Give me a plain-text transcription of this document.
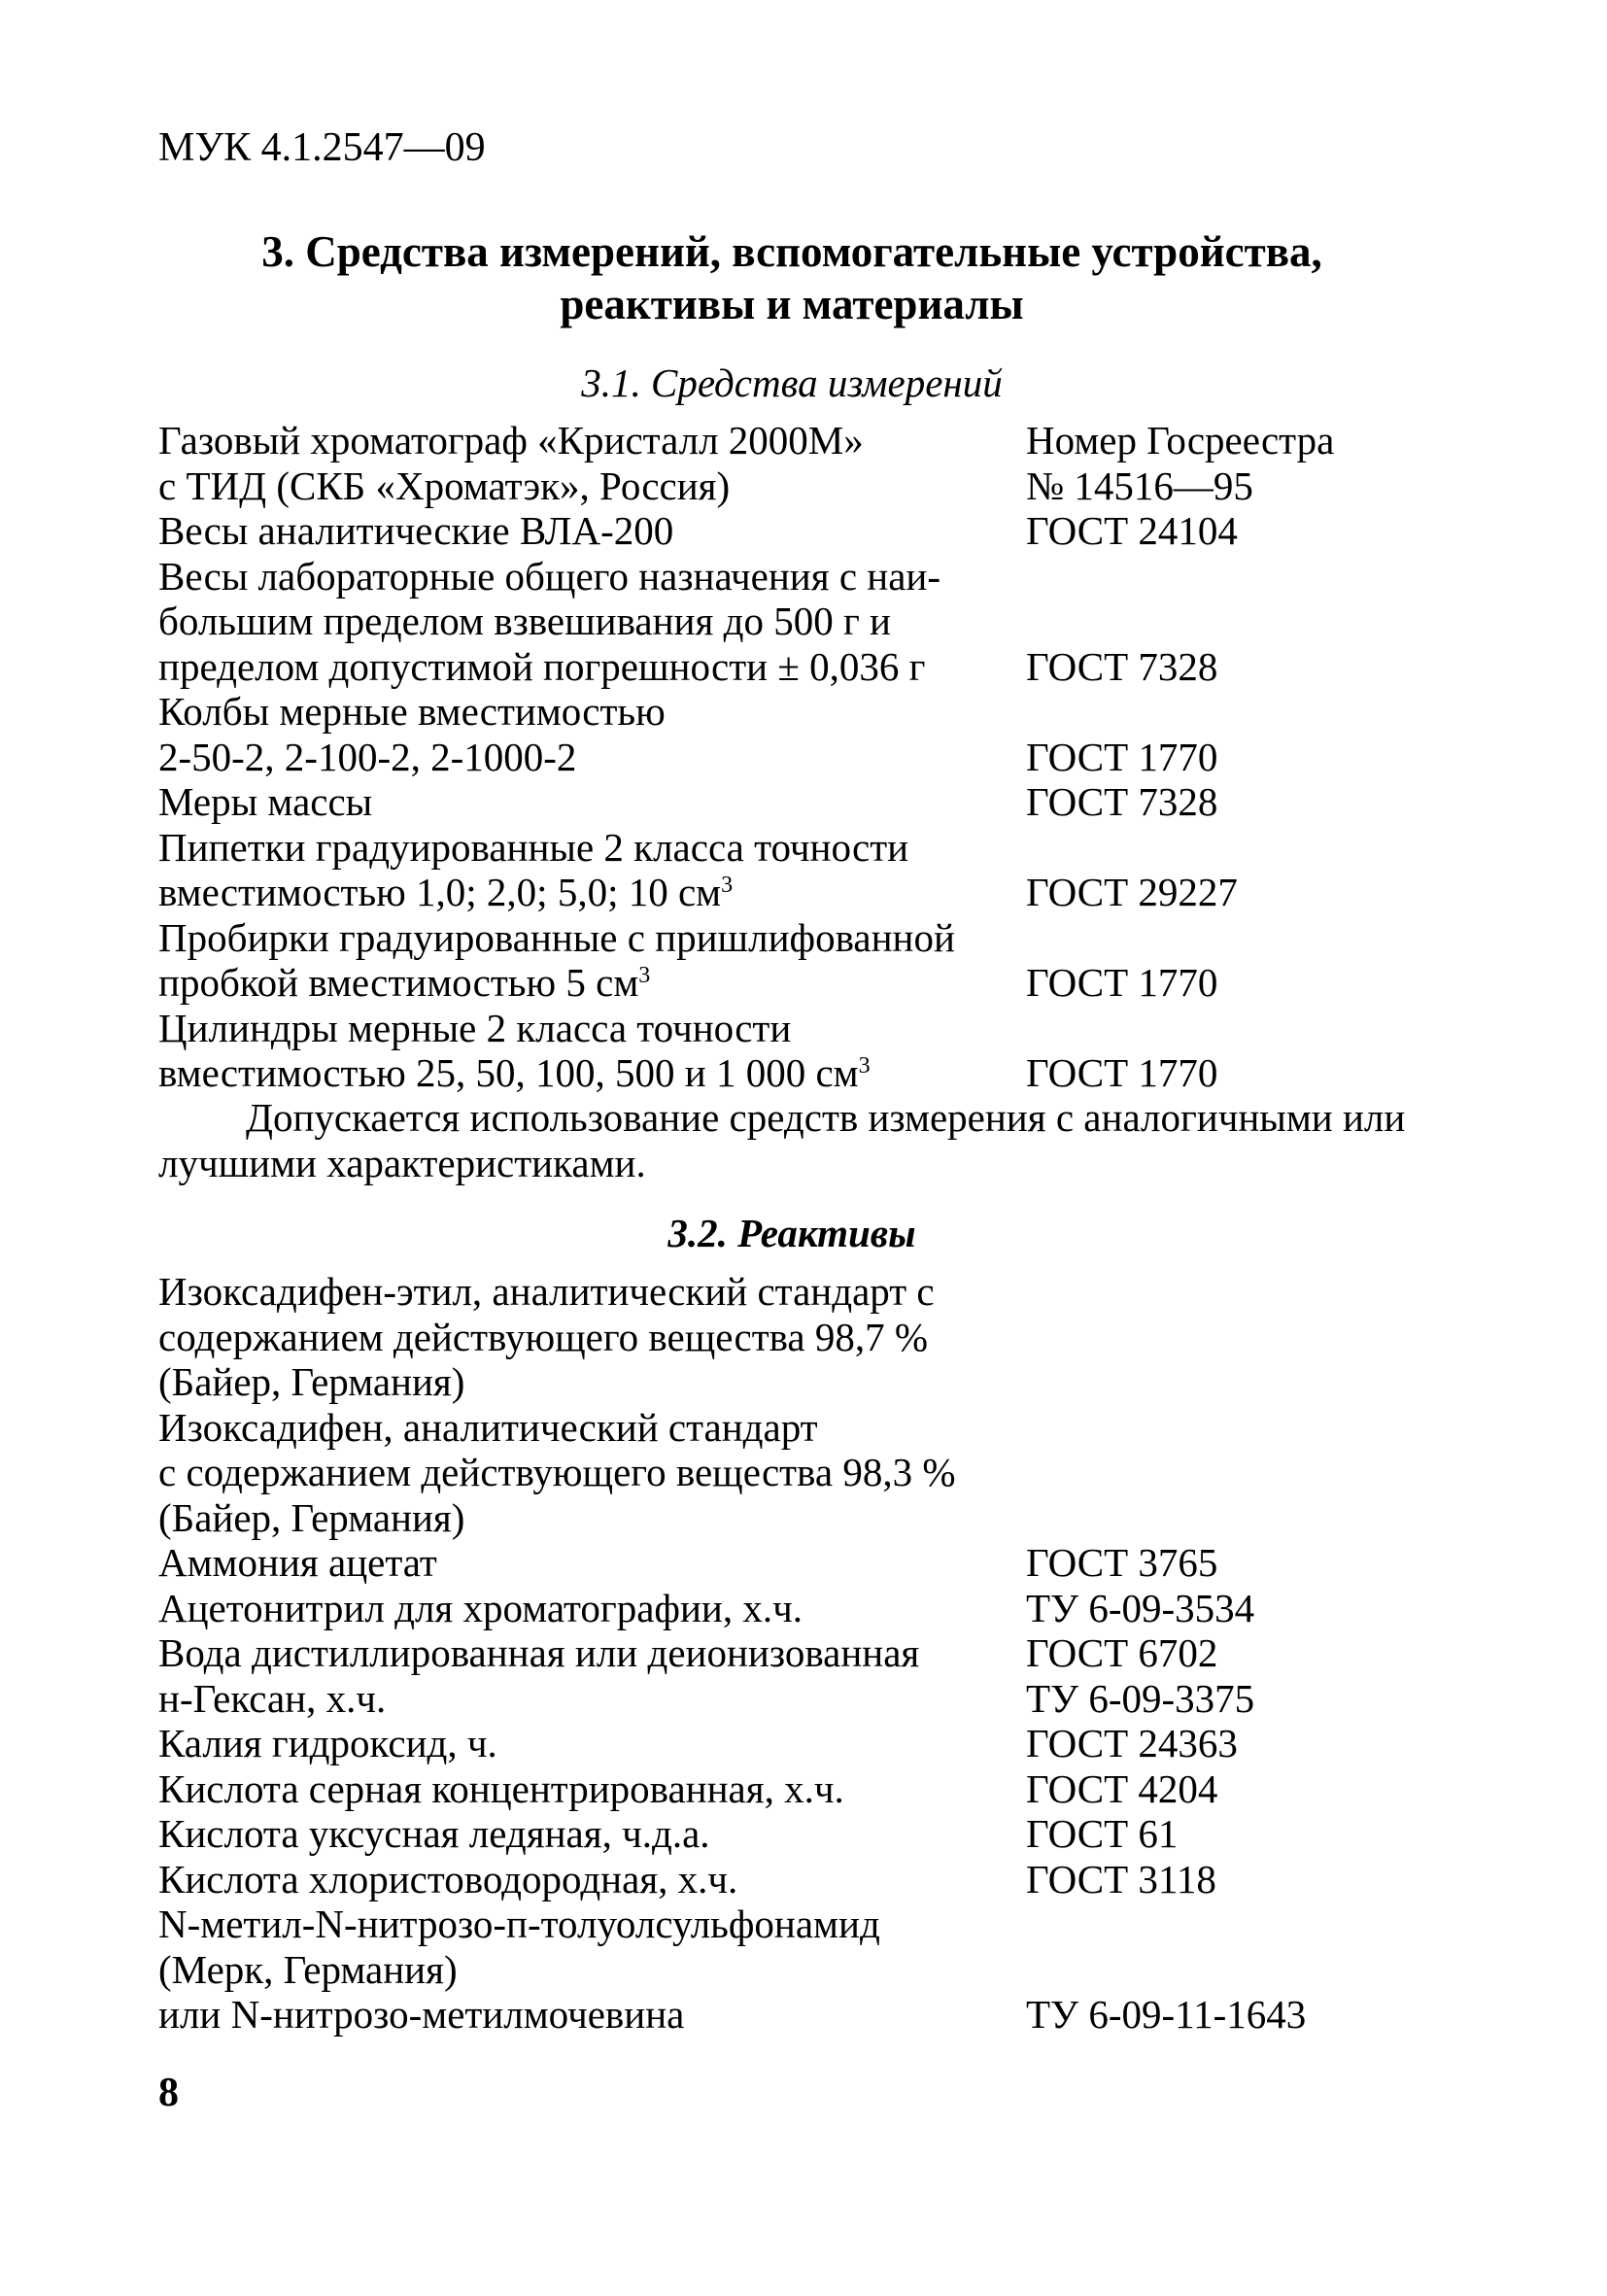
МУК 4.1.2547—09
3. Средства измерений, вспомогательные устройства,
реактивы и материалы
3.1. Средства измерений
Газовый хроматограф «Кристалл 2000М»	Номер Госреестра
с ТИД (СКБ «Хроматэк», Россия)	№ 14516—95
Весы аналитические ВЛА-200	ГОСТ 24104
Весы лабораторные общего назначения с наи-
большим пределом взвешивания до 500 г и
пределом допустимой погрешности ± 0,036 г	ГОСТ 7328
Колбы мерные вместимостью
2-50-2, 2-100-2, 2-1000-2	ГОСТ 1770
Меры массы	ГОСТ 7328
Пипетки градуированные 2 класса точности
вместимостью 1,0; 2,0; 5,0; 10 $см^3$	ГОСТ 29227
Пробирки градуированные с пришлифованной
пробкой вместимостью 5 $см^3$	ГОСТ 1770
Цилиндры мерные 2 класса точности
вместимостью 25, 50, 100, 500 и 1 000 $см^3$	ГОСТ 1770
Допускается использование средств измерения с аналогичными или
лучшими характеристиками.
3.2. Реактивы
Изоксадифен-этил, аналитический стандарт с
содержанием действующего вещества 98,7 %
(Байер, Германия)
Изоксадифен, аналитический стандарт
с содержанием действующего вещества 98,3 %
(Байер, Германия)
Аммония ацетат	ГОСТ 3765
Ацетонитрил для хроматографии, х.ч.	ТУ 6-09-3534
Вода дистиллированная или деионизованная	ГОСТ 6702
н-Гексан, х.ч.	ТУ 6-09-3375
Калия гидроксид, ч.	ГОСТ 24363
Кислота серная концентрированная, х.ч.	ГОСТ 4204
Кислота уксусная ледяная, ч.д.а.	ГОСТ 61
Кислота хлористоводородная, х.ч.	ГОСТ 3118
N-метил-N-нитрозо-п-толуолсульфонамид
(Мерк, Германия)
или N-нитрозо-метилмочевина	ТУ 6-09-11-1643
8
